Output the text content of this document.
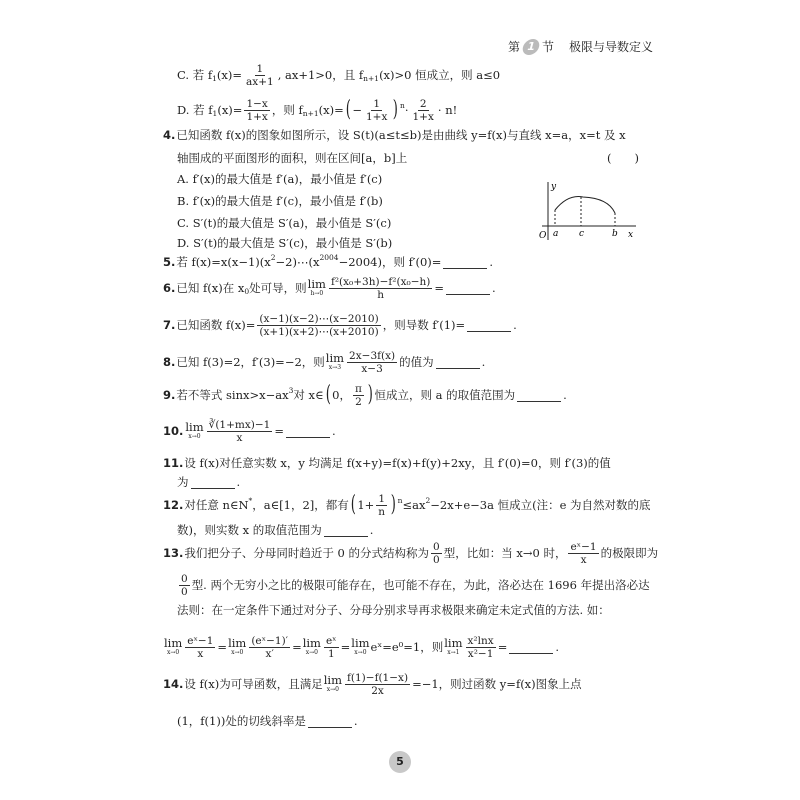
第 1 节 极限与导数定义
C. 若 f 1 $(x)= \frac{1}{ax+1}$ , ax+1>0，且 f n+1 (x)>0 恒成立，则 a≤0
D. 若 f 1 $(x)= \frac{1-x}{1+x}$ ，则 f n+1 (x)= ( − $\frac{1}{1+x}$ ) $n \cdot \frac{2}{1+x} \cdot n$!
4. 已知函数 f(x)的图象如图所示，设 S(t)(a≤t≤b)是由曲线 y=f(x)与直线 x=a，x=t 及 x
轴围成的平面图形的面积，则在区间[a，b]上	(　　)
A. f′(x)的最大值是 f′(a)，最小值是 f′(c)
B. f′(x)的最大值是 f′(c)，最小值是 f′(b)
C. S′(t)的最大值是 S′(a)，最小值是 S′(c)
D. S′(t)的最大值是 S′(c)，最小值是 S′(b)
5. 若 f(x)=x(x−1)(x 2 −2)⋯(x 2004 −2004)，则 f′(0)=	.
6. 已知 f(x)在 x 0 处可导，则 lim
$h\to 0 \frac{\text{f²(x₀+3h)−f²(x₀−h)}}{h}$ =	.
7. 已知函数 $f(x)= \frac{(x-1)(x-2)\cdots(x-2010)}{(x+1)(x+2)\cdots(x+2010)}$ ，则导数 f′(1)=	.
8. 已知 f(3)=2，f′(3)=−2，则 lim
$x\to 3 \frac{2x-3f(x)}{x-3}$ 的值为	.
9. 若不等式 sinx>x−ax 3 对 x∈ ( 0， $\frac{\pi}{2}$ ) 恒成立，则 a 的取值范围为	.
10. lim
$x\to 0 \frac{∛(1+mx)-1}{x}$ =	.
11. 设 f(x)对任意实数 x，y 均满足 f(x+y)=f(x)+f(y)+2xy，且 f′(0)=0，则 f′(3)的值
为	.
12. 对任意 n∈N * ，a∈[1，2]，都有 ( $1+ \frac{1}{n}$ ) n ≤ax 2 −2x+e−3a 恒成立(注：e 为自然对数的底
数)，则实数 x 的取值范围为	.
13. 我们把分子、分母同时趋近于 0 的分式结构称为 $\frac{0}{0}$ 型，比如：当 x→0 时， $\frac{\text{eˣ−1}}{x}$ 的极限即为
$\frac{0}{0}$ 型. 两个无穷小之比的极限可能存在，也可能不存在，为此，洛必达在 1696 年提出洛必达
法则：在一定条件下通过对分子、分母分别求导再求极限来确定未定式值的方法. 如：
lim
$x\to 0 \frac{\text{eˣ−1}}{x} = \lim$
$x\to 0 \frac{\text{(eˣ−1)′}}{x'} = \lim$
$x\to 0 \frac{\text{eˣ}}{1} = \lim$
x→0 eˣ=e⁰=1，则 lim
$x\to 1 \frac{\text{x²lnx}}{\text{x²−1}}$ =	.
14. 设 f(x)为可导函数，且满足 lim
$x\to 0 \frac{f(1)-f(1-x)}{2x} =-1$，则过函数 y=f(x)图象上点
(1，f(1))处的切线斜率是	.
y
x
O a c	b
5
